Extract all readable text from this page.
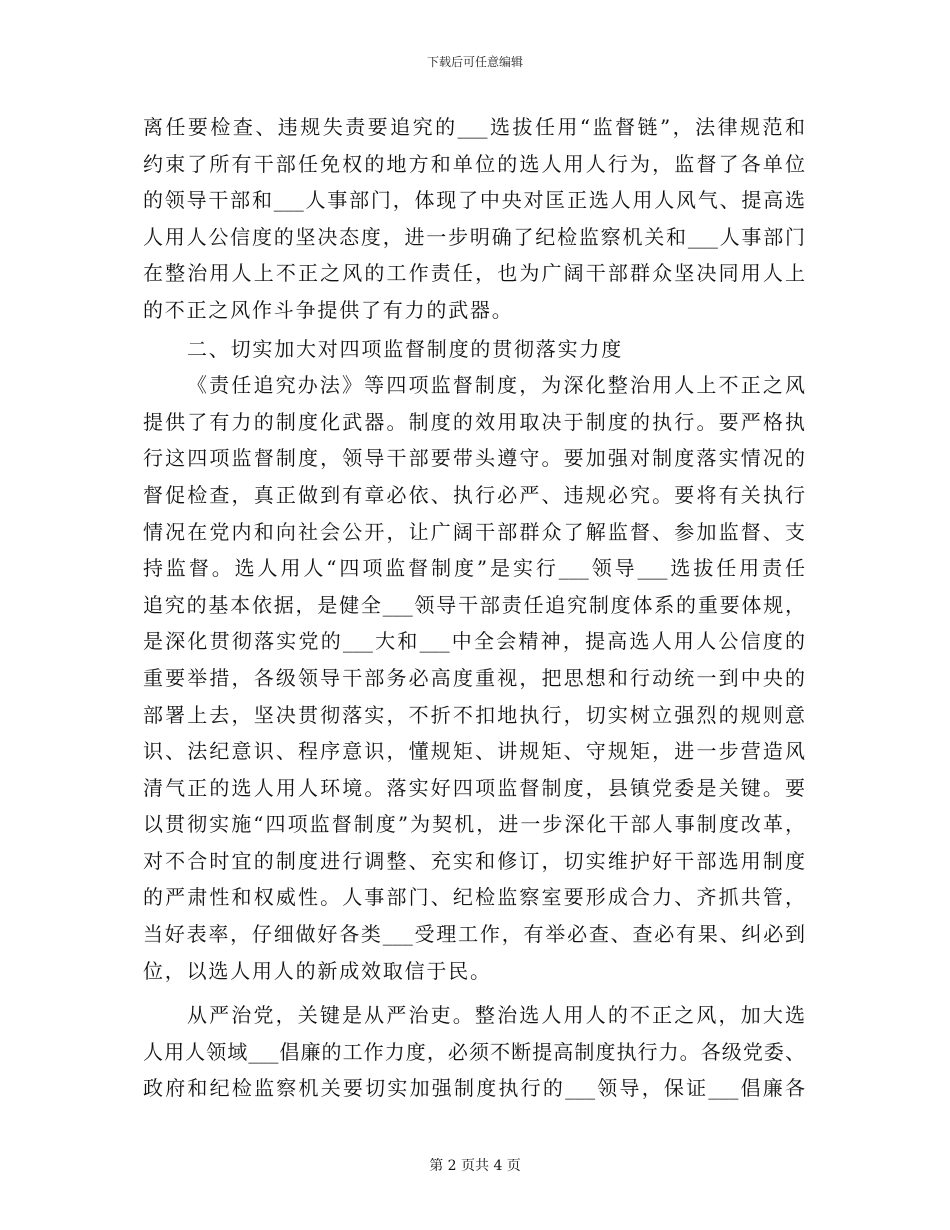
下载后可任意编辑
离任要检查、违规失责要追究的___选拔任用“监督链”，法律规范和
约束了所有干部任免权的地方和单位的选人用人行为，监督了各单位
的领导干部和___人事部门，体现了中央对匡正选人用人风气、提高选
人用人公信度的坚决态度，进一步明确了纪检监察机关和___人事部门
在整治用人上不正之风的工作责任，也为广阔干部群众坚决同用人上
的不正之风作斗争提供了有力的武器。
二、切实加大对四项监督制度的贯彻落实力度
《责任追究办法》等四项监督制度，为深化整治用人上不正之风
提供了有力的制度化武器。制度的效用取决于制度的执行。要严格执
行这四项监督制度，领导干部要带头遵守。要加强对制度落实情况的
督促检查，真正做到有章必依、执行必严、违规必究。要将有关执行
情况在党内和向社会公开，让广阔干部群众了解监督、参加监督、支
持监督。选人用人“四项监督制度”是实行___领导___选拔任用责任
追究的基本依据，是健全___领导干部责任追究制度体系的重要体规，
是深化贯彻落实党的___大和___中全会精神，提高选人用人公信度的
重要举措，各级领导干部务必高度重视，把思想和行动统一到中央的
部署上去，坚决贯彻落实，不折不扣地执行，切实树立强烈的规则意
识、法纪意识、程序意识，懂规矩、讲规矩、守规矩，进一步营造风
清气正的选人用人环境。落实好四项监督制度，县镇党委是关键。要
以贯彻实施“四项监督制度”为契机，进一步深化干部人事制度改革，
对不合时宜的制度进行调整、充实和修订，切实维护好干部选用制度
的严肃性和权威性。人事部门、纪检监察室要形成合力、齐抓共管，
当好表率，仔细做好各类___受理工作，有举必查、查必有果、纠必到
位，以选人用人的新成效取信于民。
从严治党，关键是从严治吏。整治选人用人的不正之风，加大选
人用人领域___倡廉的工作力度，必须不断提高制度执行力。各级党委、
政府和纪检监察机关要切实加强制度执行的___领导，保证___倡廉各
第 2 页共 4 页
